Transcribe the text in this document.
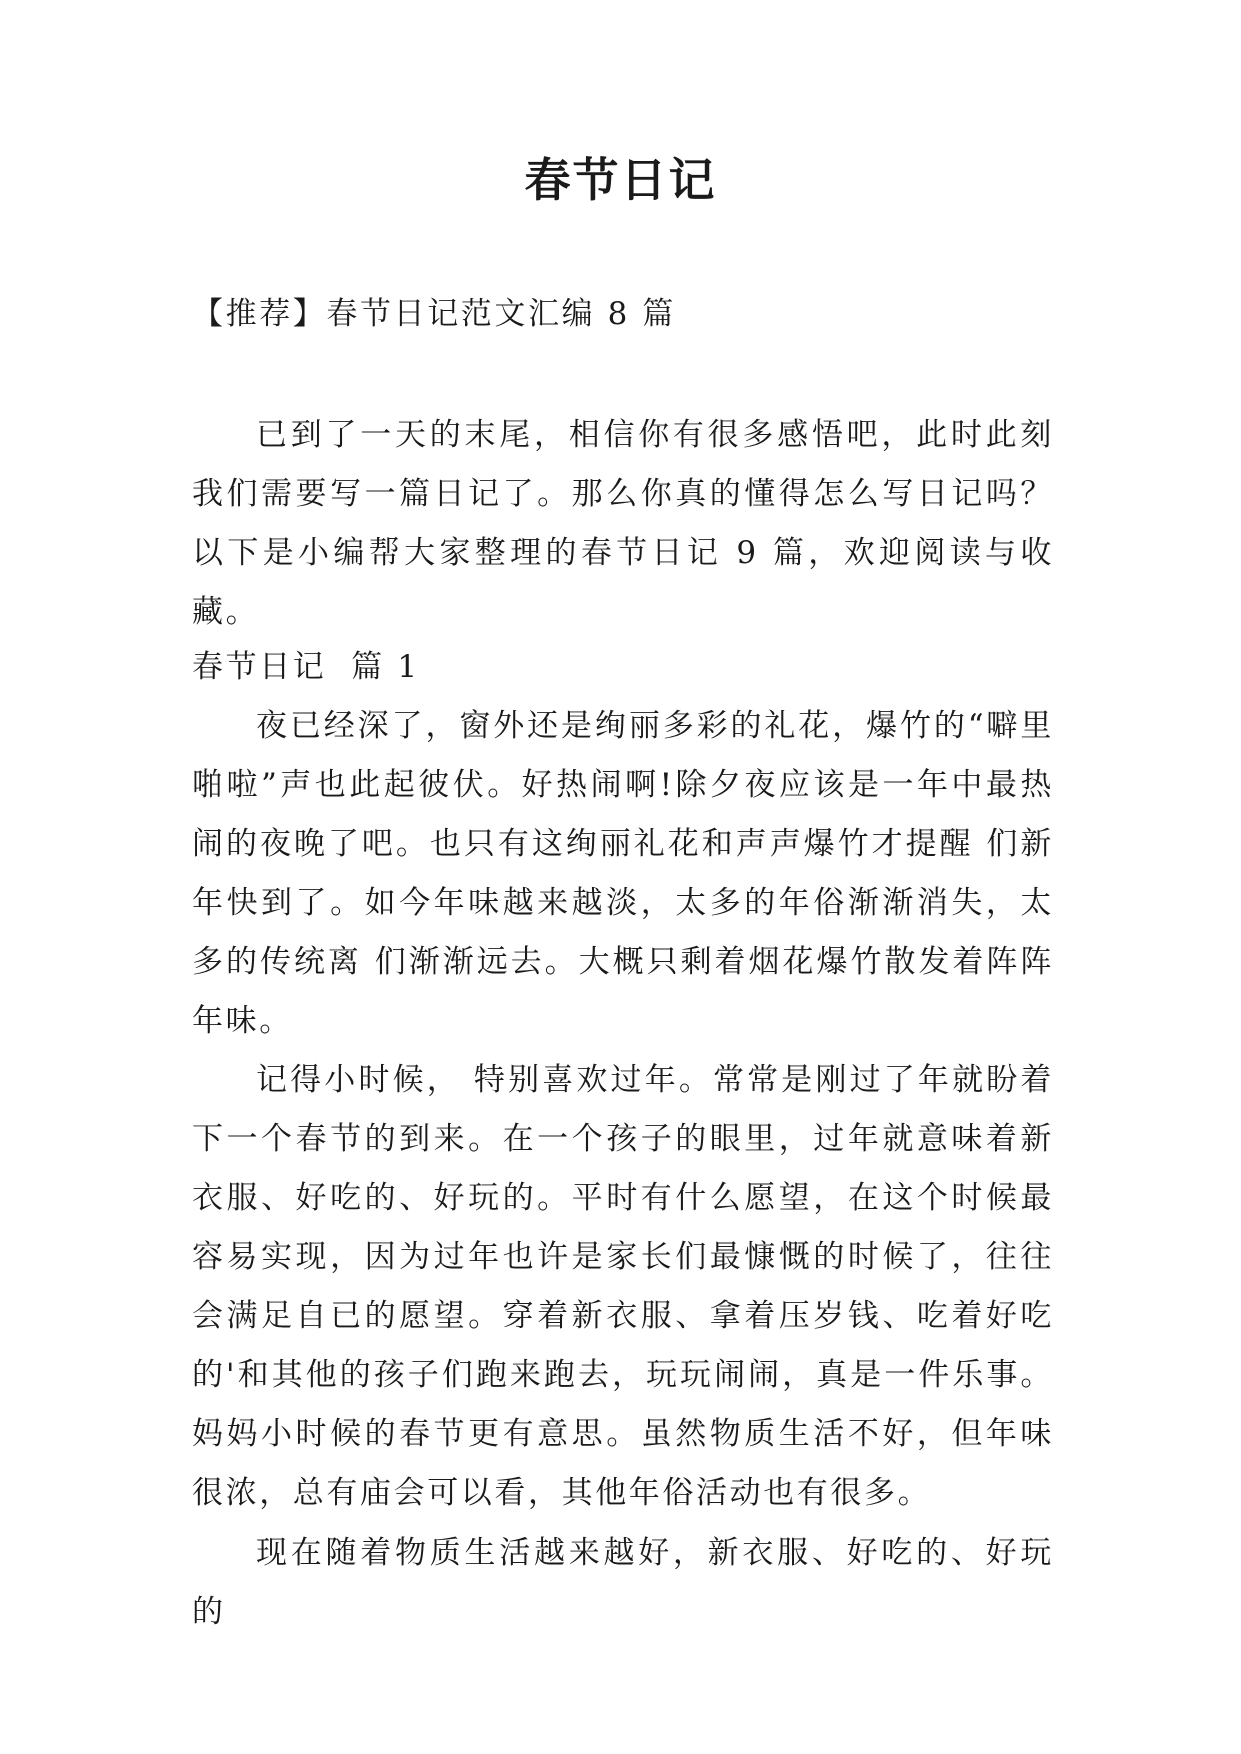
春节日记

【推荐】春节日记范文汇编 8 篇

已到了一天的末尾，相信你有很多感悟吧，此时此刻我们需要写一篇日记了。那么你真的懂得怎么写日记吗？以下是小编帮大家整理的春节日记 9 篇，欢迎阅读与收藏。

春节日记  篇 1

夜已经深了，窗外还是绚丽多彩的礼花，爆竹的“噼里啪啦”声也此起彼伏。好热闹啊!除夕夜应该是一年中最热闹的夜晚了吧。也只有这绚丽礼花和声声爆竹才提醒 们新年快到了。如今年味越来越淡，太多的年俗渐渐消失，太多的传统离 们渐渐远去。大概只剩着烟花爆竹散发着阵阵年味。

记得小时候， 特别喜欢过年。常常是刚过了年就盼着下一个春节的到来。在一个孩子的眼里，过年就意味着新衣服、好吃的、好玩的。平时有什么愿望，在这个时候最容易实现，因为过年也许是家长们最慷慨的时候了，往往会满足自已的愿望。穿着新衣服、拿着压岁钱、吃着好吃的'和其他的孩子们跑来跑去，玩玩闹闹，真是一件乐事。妈妈小时候的春节更有意思。虽然物质生活不好，但年味很浓，总有庙会可以看，其他年俗活动也有很多。

现在随着物质生活越来越好，新衣服、好吃的、好玩的
